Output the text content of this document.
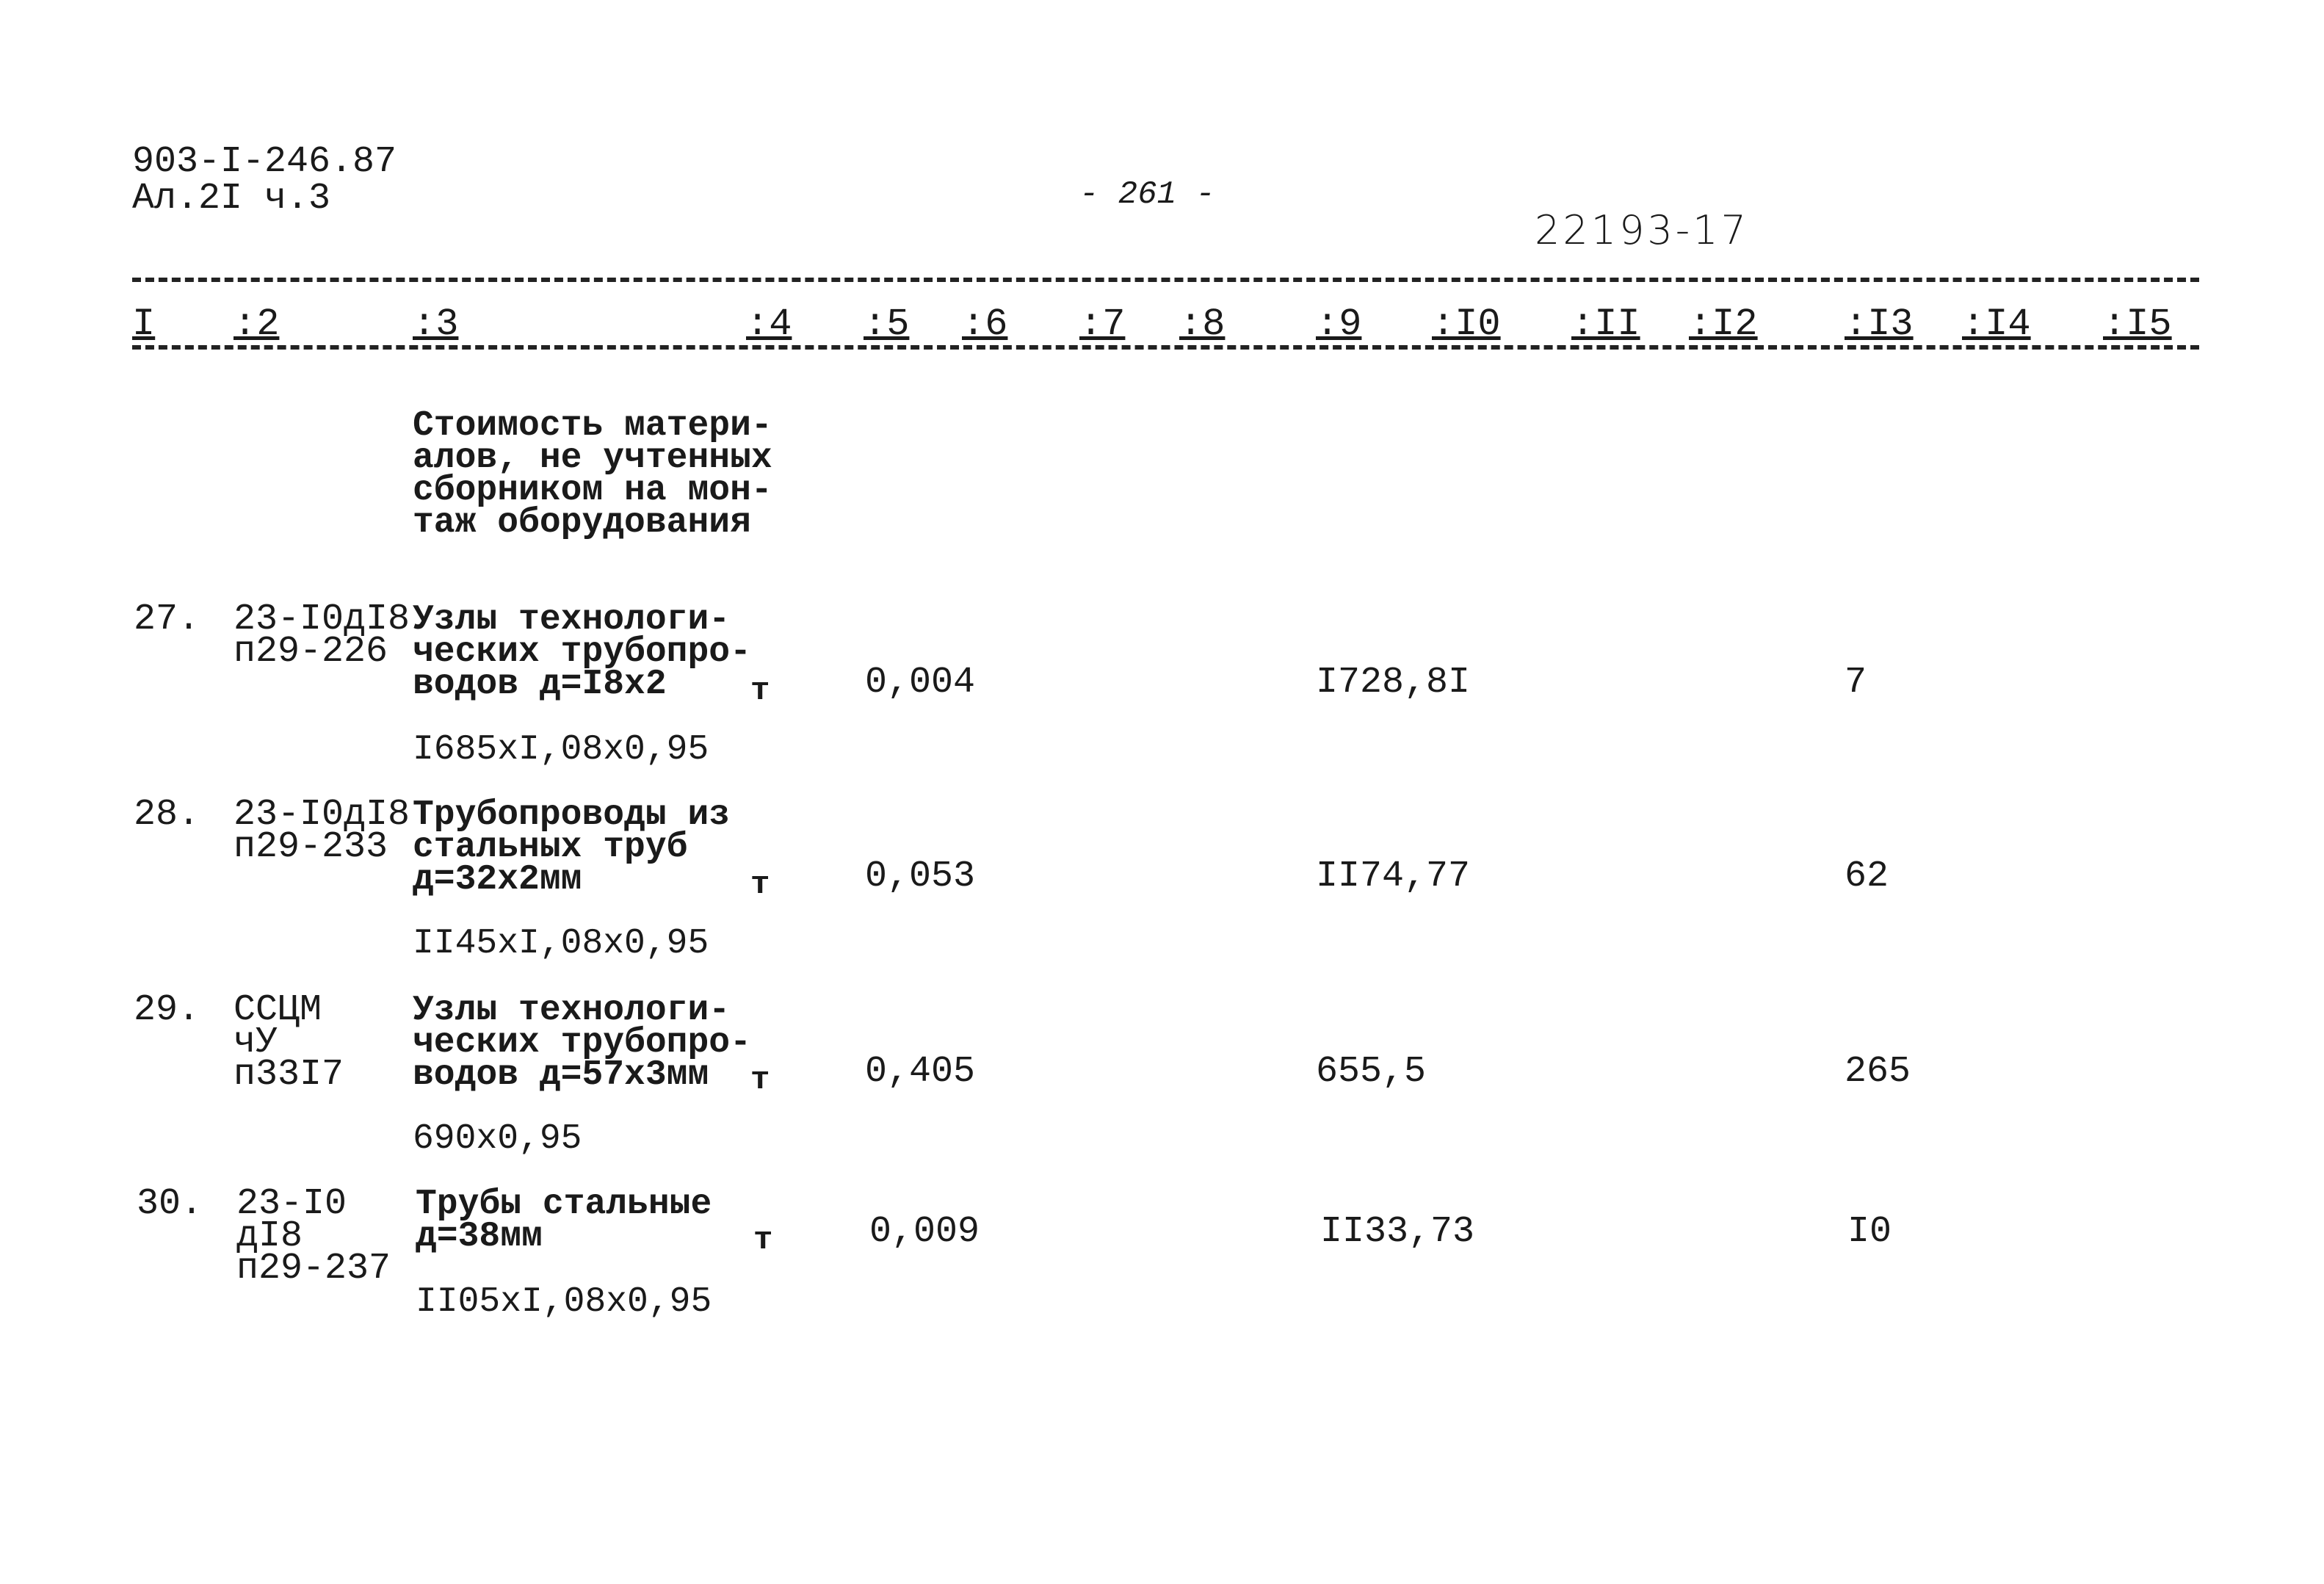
903-I-246.87
Ал.2I ч.3	- 261 -
22193-17
I :2	:3	:4 :5 :6 :7 :8 :9 :I0 :II :I2 :I3 :I4 :I5
Стоимость матери-
алов, не учтенных
сборником на мон-
таж оборудования
27. 23-I0дI8
п29-226
Узлы технологи-
ческих трубопро-
водов д=I8х2	т	0,004	I728,8I	7
I685хI,08х0,95
28. 23-I0дI8
п29-233
Трубопроводы из
стальных труб
д=32х2мм	т	0,053	II74,77	62
II45хI,08х0,95
29. ССЦМ
чУ
п33I7
Узлы технологи-
ческих трубопро-
водов д=57х3мм	т	0,405	655,5	265
690х0,95
30. 23-I0
дI8
п29-237
Трубы стальные
д=38мм	т	0,009	II33,73	I0
II05хI,08х0,95
